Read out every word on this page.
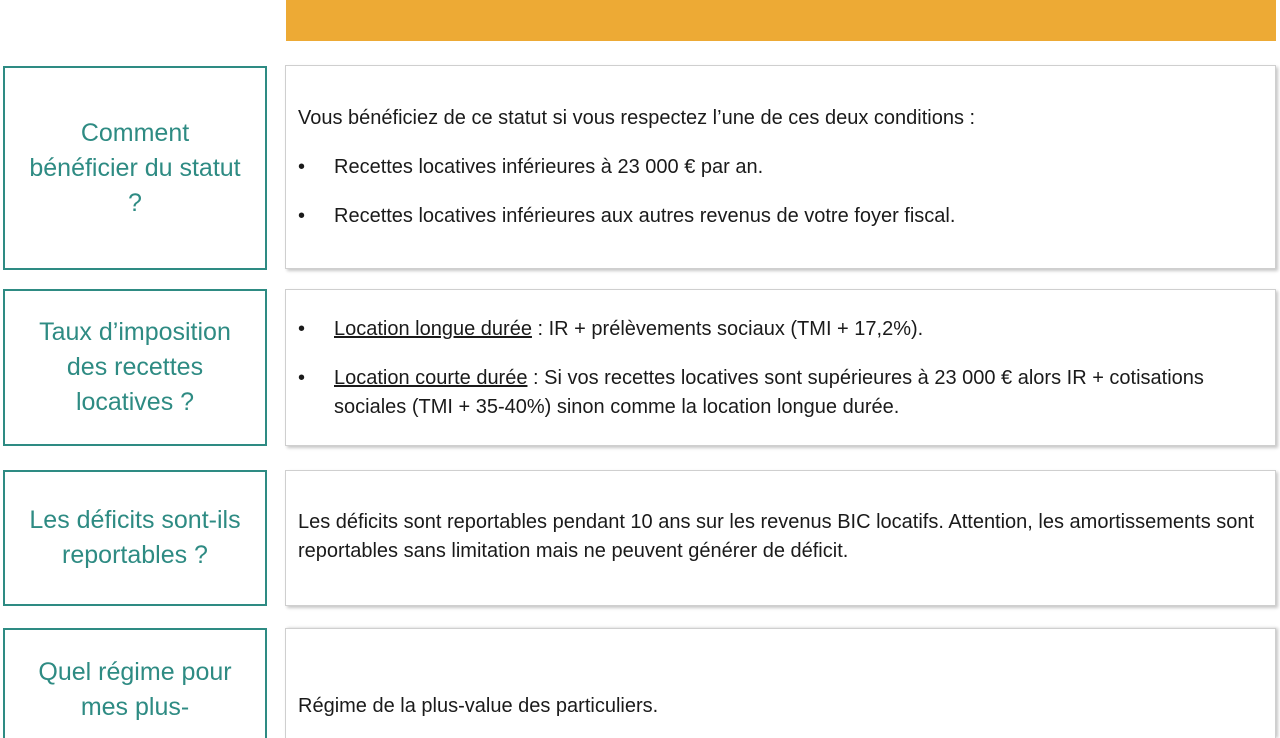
Comment bénéficier du statut ?

Vous bénéficiez de ce statut si vous respectez l’une de ces deux conditions :

• Recettes locatives inférieures à 23 000 € par an.

• Recettes locatives inférieures aux autres revenus de votre foyer fiscal.

Taux d’imposition des recettes locatives ?

• Location longue durée : IR + prélèvements sociaux (TMI + 17,2%).

• Location courte durée : Si vos recettes locatives sont supérieures à 23 000 € alors IR + cotisations sociales (TMI + 35-40%) sinon comme la location longue durée.

Les déficits sont-ils reportables ?

Les déficits sont reportables pendant 10 ans sur les revenus BIC locatifs. Attention, les amortissements sont reportables sans limitation mais ne peuvent générer de déficit.

Quel régime pour mes plus-	Régime de la plus-value des particuliers.
